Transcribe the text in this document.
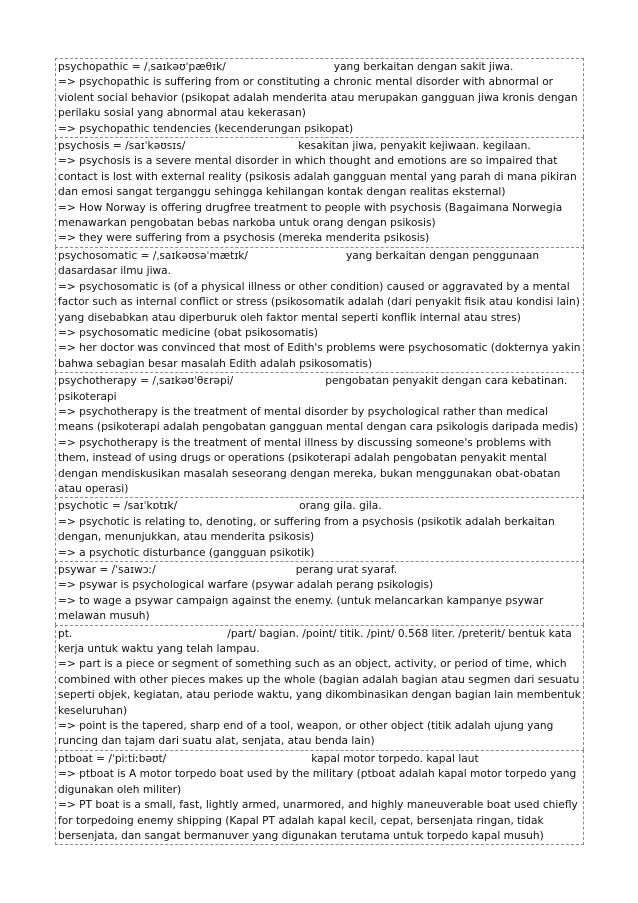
psychopathic = /ˌsaɪkəʊˈpæθɪk/	yang berkaitan dengan sakit jiwa.
=> psychopathic is suffering from or constituting a chronic mental disorder with abnormal or violent social behavior (psikopat adalah menderita atau merupakan gangguan jiwa kronis dengan perilaku sosial yang abnormal atau kekerasan)
=> psychopathic tendencies (kecenderungan psikopat)
psychosis = /saɪˈkəʊsɪs/	kesakitan jiwa, penyakit kejiwaan. kegilaan.
=> psychosis is a severe mental disorder in which thought and emotions are so impaired that contact is lost with external reality (psikosis adalah gangguan mental yang parah di mana pikiran dan emosi sangat terganggu sehingga kehilangan kontak dengan realitas eksternal)
=> How Norway is offering drugfree treatment to people with psychosis (Bagaimana Norwegia menawarkan pengobatan bebas narkoba untuk orang dengan psikosis)
=> they were suffering from a psychosis (mereka menderita psikosis)
psychosomatic = /ˌsaɪkəʊsəˈmætɪk/	yang berkaitan dengan penggunaan dasardasar ilmu jiwa.
=> psychosomatic is (of a physical illness or other condition) caused or aggravated by a mental factor such as internal conflict or stress (psikosomatik adalah (dari penyakit fisik atau kondisi lain) yang disebabkan atau diperburuk oleh faktor mental seperti konflik internal atau stres)
=> psychosomatic medicine (obat psikosomatis)
=> her doctor was convinced that most of Edith's problems were psychosomatic (dokternya yakin bahwa sebagian besar masalah Edith adalah psikosomatis)
psychotherapy = /ˌsaɪkəʊˈθɛrəpi/	pengobatan penyakit dengan cara kebatinan. psikoterapi
=> psychotherapy is the treatment of mental disorder by psychological rather than medical means (psikoterapi adalah pengobatan gangguan mental dengan cara psikologis daripada medis)
=> psychotherapy is the treatment of mental illness by discussing someone's problems with them, instead of using drugs or operations (psikoterapi adalah pengobatan penyakit mental dengan mendiskusikan masalah seseorang dengan mereka, bukan menggunakan obat-obatan atau operasi)
psychotic = /saɪˈkɒtɪk/	orang gila. gila.
=> psychotic is relating to, denoting, or suffering from a psychosis (psikotik adalah berkaitan dengan, menunjukkan, atau menderita psikosis)
=> a psychotic disturbance (gangguan psikotik)
psywar = /ˈsaɪwɔː/	perang urat syaraf.
=> psywar is psychological warfare (psywar adalah perang psikologis)
=> to wage a psywar campaign against the enemy. (untuk melancarkan kampanye psywar melawan musuh)
pt.	/part/ bagian. /point/ titik. /pint/ 0.568 liter. /preterit/ bentuk kata kerja untuk waktu yang telah lampau.
=> part is a piece or segment of something such as an object, activity, or period of time, which combined with other pieces makes up the whole (bagian adalah bagian atau segmen dari sesuatu seperti objek, kegiatan, atau periode waktu, yang dikombinasikan dengan bagian lain membentuk keseluruhan)
=> point is the tapered, sharp end of a tool, weapon, or other object (titik adalah ujung yang runcing dan tajam dari suatu alat, senjata, atau benda lain)
ptboat = /ˈpiːtiːbəʊt/	kapal motor torpedo. kapal laut
=> ptboat is A motor torpedo boat used by the military (ptboat adalah kapal motor torpedo yang digunakan oleh militer)
=> PT boat is a small, fast, lightly armed, unarmored, and highly maneuverable boat used chiefly for torpedoing enemy shipping (Kapal PT adalah kapal kecil, cepat, bersenjata ringan, tidak bersenjata, dan sangat bermanuver yang digunakan terutama untuk torpedo kapal musuh)
